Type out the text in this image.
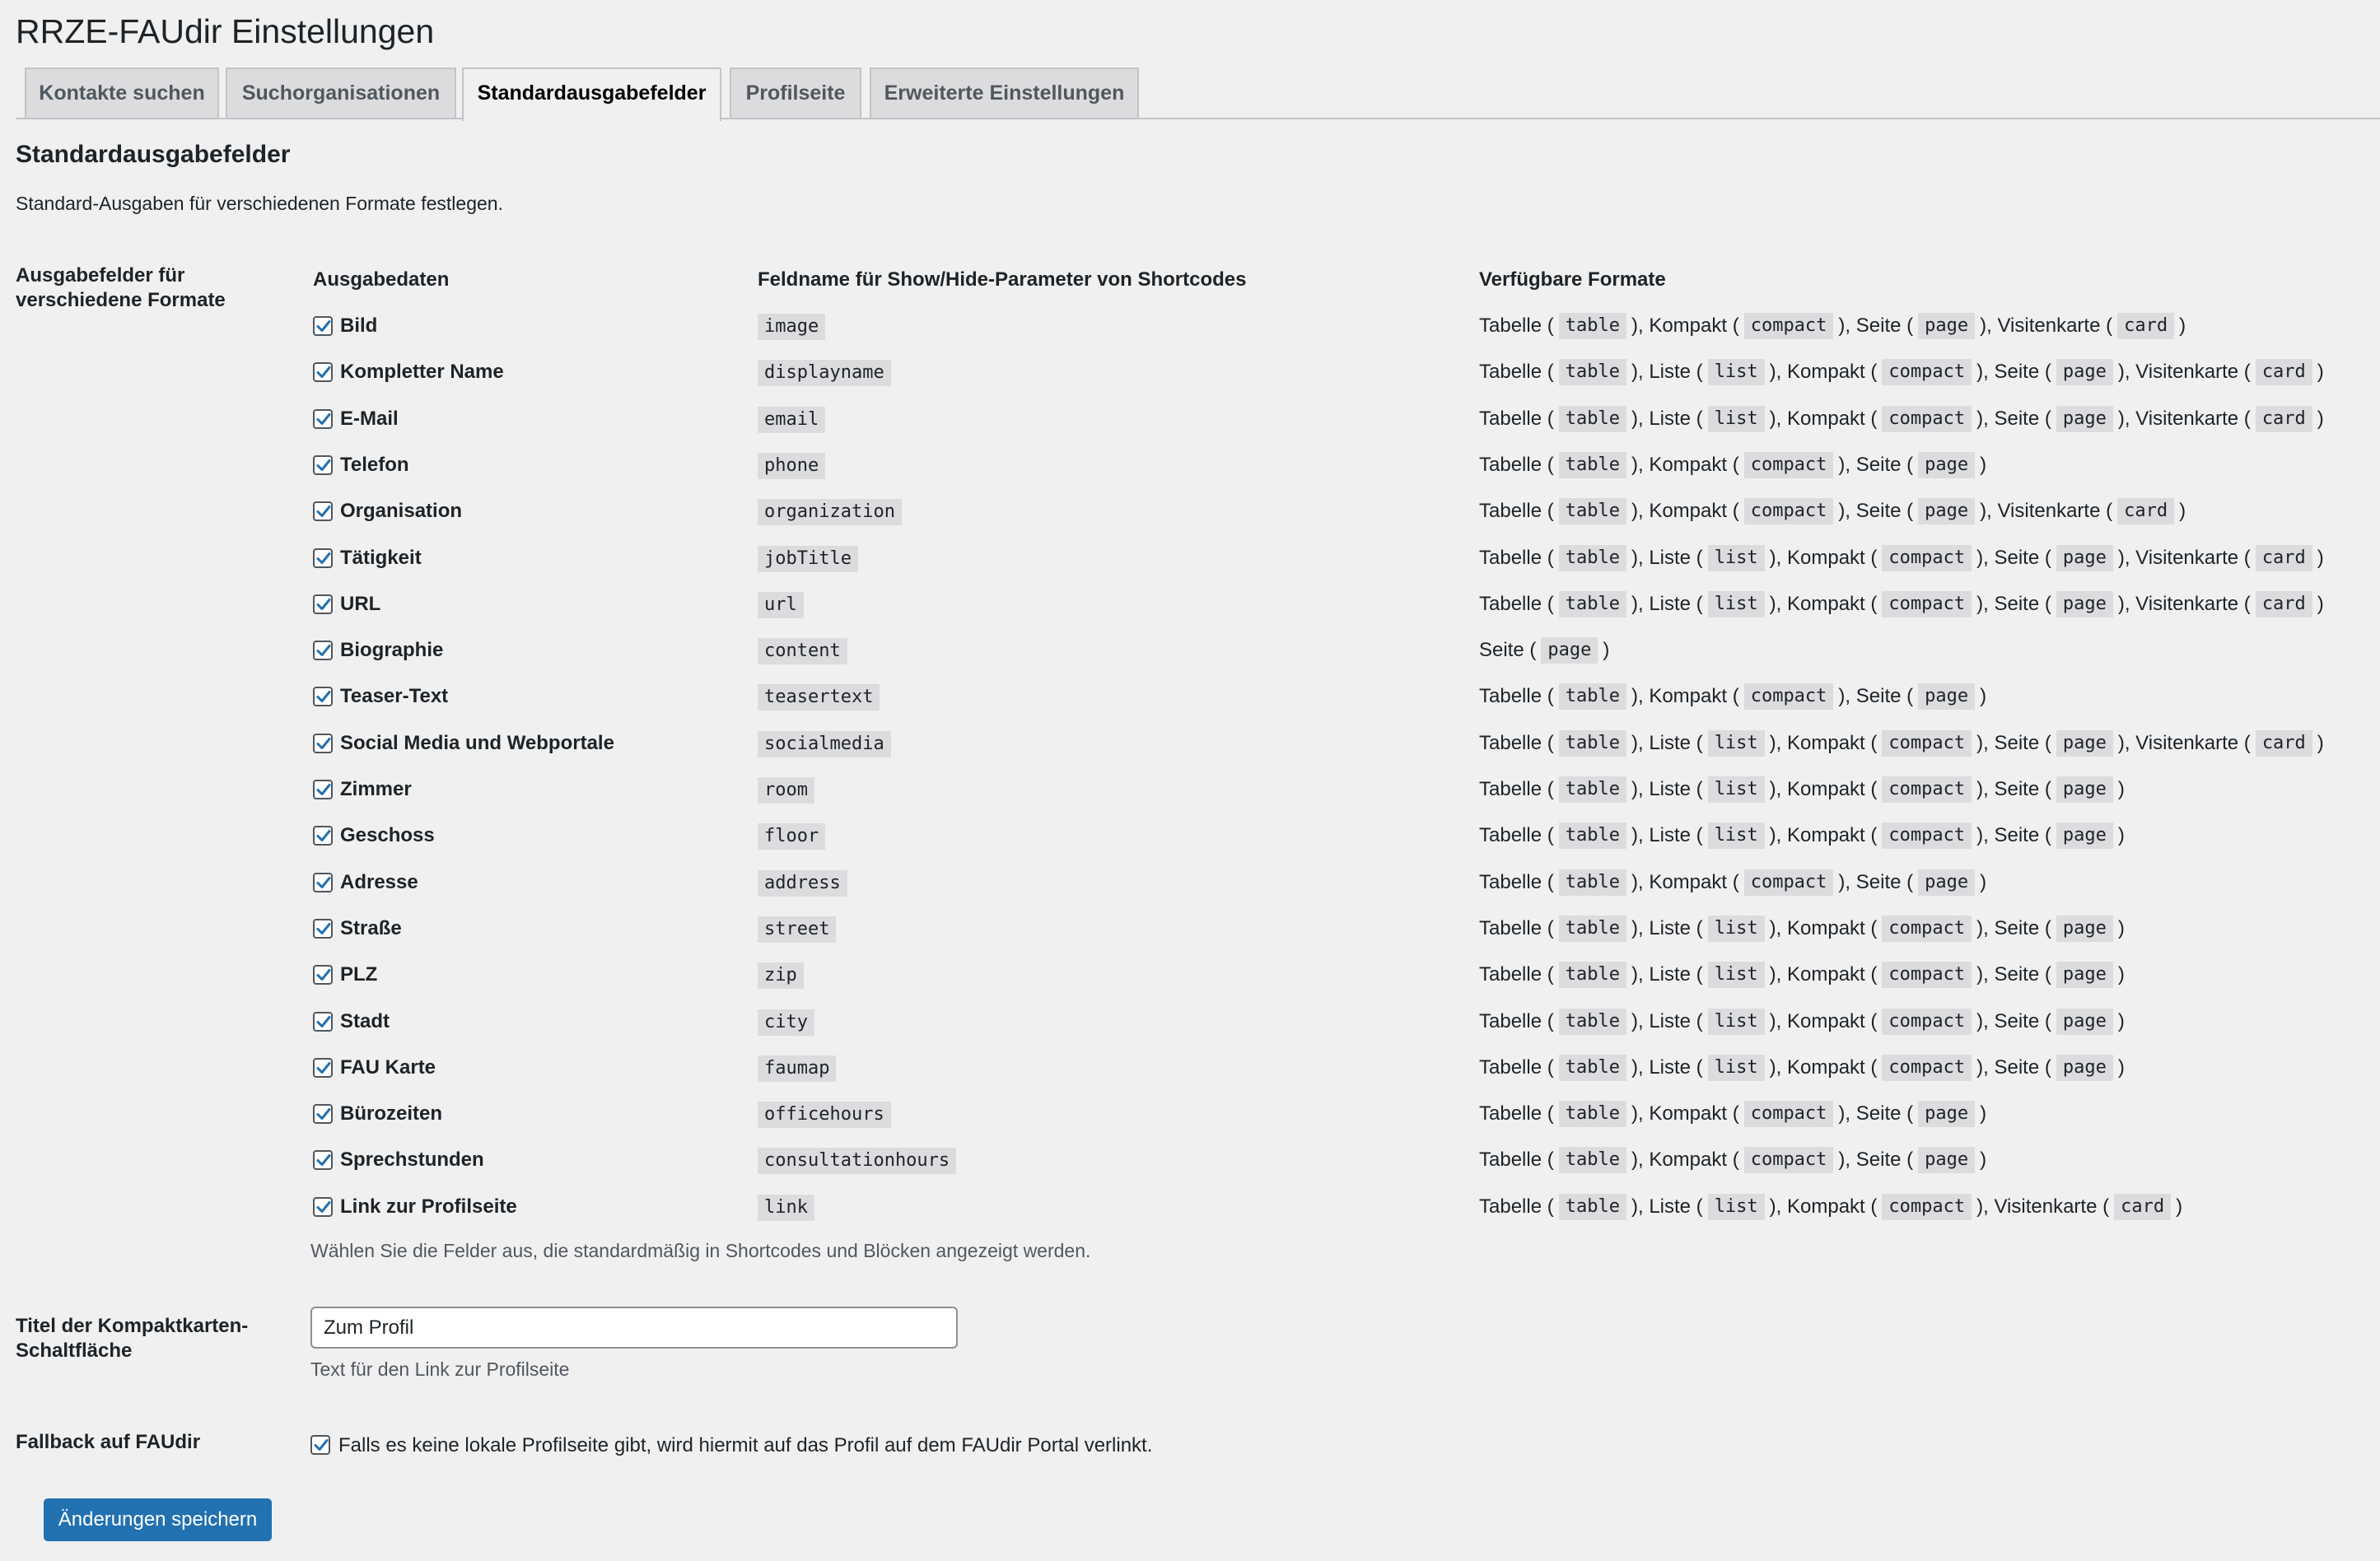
RRZE-FAUdir Einstellungen
Kontakte suchen	Suchorganisationen	Standardausgabefelder	Profilseite	Erweiterte Einstellungen
Standardausgabefelder

Standard-Ausgaben für verschiedenen Formate festlegen.

Ausgabefelder für verschiedene Formate
Ausgabedaten	Feldname für Show/Hide-Parameter von Shortcodes	Verfügbare Formate
Bild	image	Tabelle ( table ), Kompakt ( compact ), Seite ( page ), Visitenkarte ( card )
Kompletter Name	displayname	Tabelle ( table ), Liste ( list ), Kompakt ( compact ), Seite ( page ), Visitenkarte ( card )
E-Mail	email	Tabelle ( table ), Liste ( list ), Kompakt ( compact ), Seite ( page ), Visitenkarte ( card )
Telefon	phone	Tabelle ( table ), Kompakt ( compact ), Seite ( page )
Organisation	organization	Tabelle ( table ), Kompakt ( compact ), Seite ( page ), Visitenkarte ( card )
Tätigkeit	jobTitle	Tabelle ( table ), Liste ( list ), Kompakt ( compact ), Seite ( page ), Visitenkarte ( card )
URL	url	Tabelle ( table ), Liste ( list ), Kompakt ( compact ), Seite ( page ), Visitenkarte ( card )
Biographie	content	Seite ( page )
Teaser-Text	teasertext	Tabelle ( table ), Kompakt ( compact ), Seite ( page )
Social Media und Webportale	socialmedia	Tabelle ( table ), Liste ( list ), Kompakt ( compact ), Seite ( page ), Visitenkarte ( card )
Zimmer	room	Tabelle ( table ), Liste ( list ), Kompakt ( compact ), Seite ( page )
Geschoss	floor	Tabelle ( table ), Liste ( list ), Kompakt ( compact ), Seite ( page )
Adresse	address	Tabelle ( table ), Kompakt ( compact ), Seite ( page )
Straße	street	Tabelle ( table ), Liste ( list ), Kompakt ( compact ), Seite ( page )
PLZ	zip	Tabelle ( table ), Liste ( list ), Kompakt ( compact ), Seite ( page )
Stadt	city	Tabelle ( table ), Liste ( list ), Kompakt ( compact ), Seite ( page )
FAU Karte	faumap	Tabelle ( table ), Liste ( list ), Kompakt ( compact ), Seite ( page )
Bürozeiten	officehours	Tabelle ( table ), Kompakt ( compact ), Seite ( page )
Sprechstunden	consultationhours	Tabelle ( table ), Kompakt ( compact ), Seite ( page )
Link zur Profilseite	link	Tabelle ( table ), Liste ( list ), Kompakt ( compact ), Visitenkarte ( card )
Wählen Sie die Felder aus, die standardmäßig in Shortcodes und Blöcken angezeigt werden.
Titel der Kompaktkarten-Schaltfläche
Zum Profil
Text für den Link zur Profilseite
Fallback auf FAUdir	Falls es keine lokale Profilseite gibt, wird hiermit auf das Profil auf dem FAUdir Portal verlinkt.
Änderungen speichern
